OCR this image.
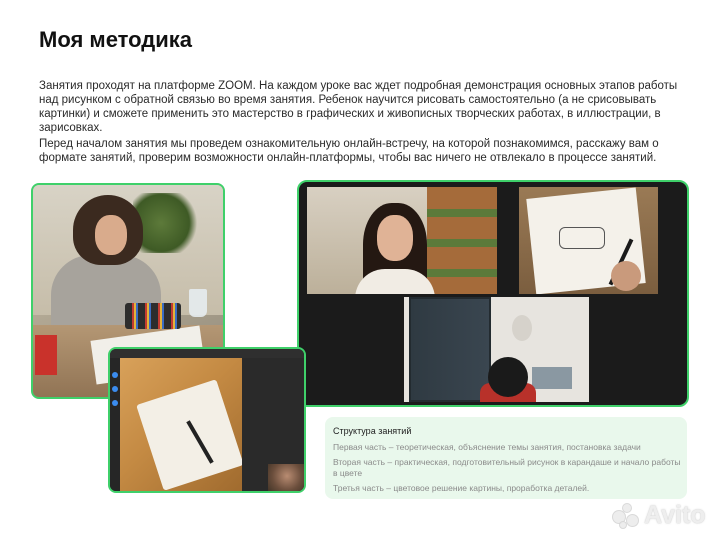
Моя методика

Занятия проходят на платформе ZOOM. На каждом уроке вас ждет подробная демонстрация основных этапов работы над рисунком с обратной связью во время занятия. Ребенок научится рисовать самостоятельно (а не срисовывать картинки) и сможете применить это мастерство в графических и живописных творческих работах, в иллюстрации, в зарисовках.

Перед началом занятия мы проведем ознакомительную онлайн-встречу, на которой познакомимся, расскажу вам о формате занятий, проверим возможности онлайн-платформы, чтобы вас ничего не отвлекало в процессе занятий.

Структура занятий

Первая часть – теоретическая, объяснение темы занятия, постановка задачи

Вторая часть – практическая, подготовительный рисунок в карандаше и начало работы в цвете

Третья часть – цветовое решение картины, проработка деталей.

Avito
